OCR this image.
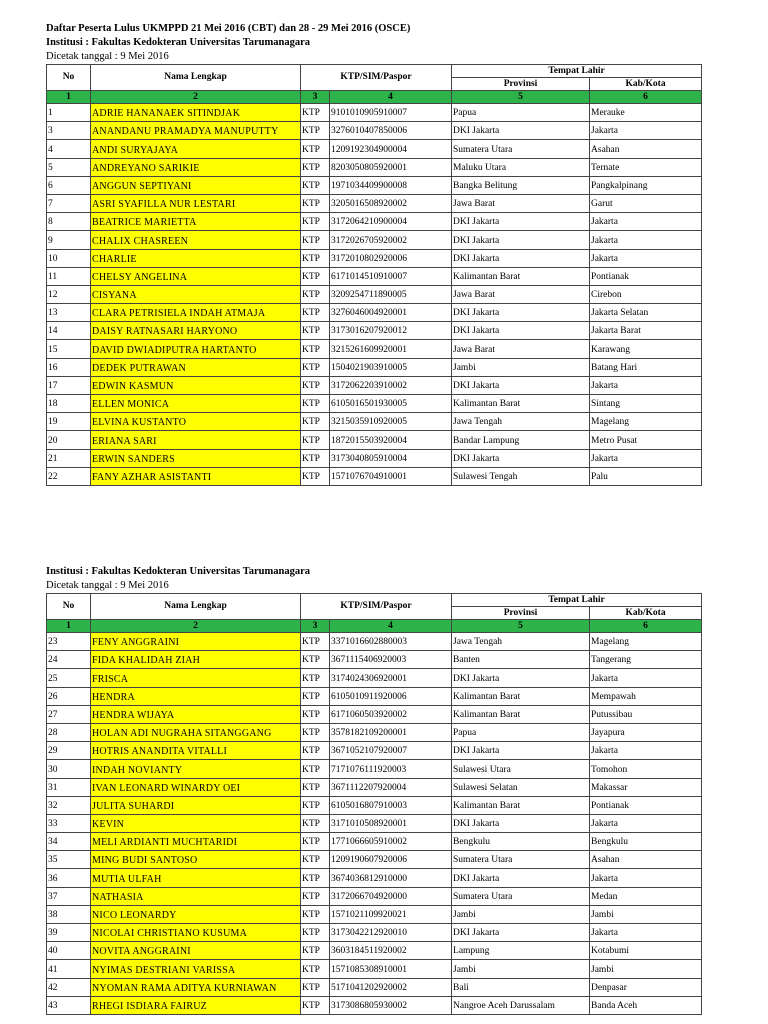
Daftar Peserta Lulus UKMPPD 21 Mei 2016 (CBT) dan 28 - 29 Mei 2016 (OSCE)
Institusi : Fakultas Kedokteran Universitas Tarumanagara
Dicetak tanggal : 9 Mei 2016
No	Nama Lengkap	KTP/SIM/Paspor		Tempat Lahir	
				Provinsi	Kab/Kota
1	2	3	4	5	6
1	ADRIE HANANAEK SITINDJAK	KTP	9101010905910007	Papua	Merauke
3	ANANDANU PRAMADYA MANUPUTTY	KTP	3276010407850006	DKI Jakarta	Jakarta
4	ANDI SURYAJAYA	KTP	1209192304900004	Sumatera Utara	Asahan
5	ANDREYANO SARIKIE	KTP	8203050805920001	Maluku Utara	Ternate
6	ANGGUN SEPTIYANI	KTP	1971034409900008	Bangka Belitung	Pangkalpinang
7	ASRI SYAFILLA NUR LESTARI	KTP	3205016508920002	Jawa Barat	Garut
8	BEATRICE MARIETTA	KTP	3172064210900004	DKI Jakarta	Jakarta
9	CHALIX CHASREEN	KTP	3172026705920002	DKI Jakarta	Jakarta
10	CHARLIE	KTP	3172010802920006	DKI Jakarta	Jakarta
11	CHELSY ANGELINA	KTP	6171014510910007	Kalimantan Barat	Pontianak
12	CISYANA	KTP	3209254711890005	Jawa Barat	Cirebon
13	CLARA PETRISIELA INDAH ATMAJA	KTP	3276046004920001	DKI Jakarta	Jakarta Selatan
14	DAISY RATNASARI HARYONO	KTP	3173016207920012	DKI Jakarta	Jakarta Barat
15	DAVID DWIADIPUTRA HARTANTO	KTP	3215261609920001	Jawa Barat	Karawang
16	DEDEK PUTRAWAN	KTP	1504021903910005	Jambi	Batang Hari
17	EDWIN KASMUN	KTP	3172062203910002	DKI Jakarta	Jakarta
18	ELLEN MONICA	KTP	6105016501930005	Kalimantan Barat	Sintang
19	ELVINA KUSTANTO	KTP	3215035910920005	Jawa Tengah	Magelang
20	ERIANA SARI	KTP	1872015503920004	Bandar Lampung	Metro Pusat
21	ERWIN SANDERS	KTP	3173040805910004	DKI Jakarta	Jakarta
22	FANY AZHAR ASISTANTI	KTP	1571076704910001	Sulawesi Tengah	Palu
Institusi : Fakultas Kedokteran Universitas Tarumanagara
Dicetak tanggal : 9 Mei 2016
No	Nama Lengkap	KTP/SIM/Paspor		Tempat Lahir	
				Provinsi	Kab/Kota
1	2	3	4	5	6
23	FENY ANGGRAINI	KTP	3371016602880003	Jawa Tengah	Magelang
24	FIDA KHALIDAH ZIAH	KTP	3671115406920003	Banten	Tangerang
25	FRISCA	KTP	3174024306920001	DKI Jakarta	Jakarta
26	HENDRA	KTP	6105010911920006	Kalimantan Barat	Mempawah
27	HENDRA WIJAYA	KTP	6171060503920002	Kalimantan Barat	Putussibau
28	HOLAN ADI NUGRAHA SITANGGANG	KTP	3578182109200001	Papua	Jayapura
29	HOTRIS ANANDITA VITALLI	KTP	3671052107920007	DKI Jakarta	Jakarta
30	INDAH NOVIANTY	KTP	7171076111920003	Sulawesi Utara	Tomohon
31	IVAN LEONARD WINARDY OEI	KTP	3671112207920004	Sulawesi Selatan	Makassar
32	JULITA SUHARDI	KTP	6105016807910003	Kalimantan Barat	Pontianak
33	KEVIN	KTP	3171010508920001	DKI Jakarta	Jakarta
34	MELI ARDIANTI MUCHTARIDI	KTP	1771066605910002	Bengkulu	Bengkulu
35	MING BUDI SANTOSO	KTP	1209190607920006	Sumatera Utara	Asahan
36	MUTIA ULFAH	KTP	3674036812910000	DKI Jakarta	Jakarta
37	NATHASIA	KTP	3172066704920000	Sumatera Utara	Medan
38	NICO LEONARDY	KTP	1571021109920021	Jambi	Jambi
39	NICOLAI CHRISTIANO KUSUMA	KTP	3173042212920010	DKI Jakarta	Jakarta
40	NOVITA ANGGRAINI	KTP	3603184511920002	Lampung	Kotabumi
41	NYIMAS DESTRIANI VARISSA	KTP	1571085308910001	Jambi	Jambi
42	NYOMAN RAMA ADITYA KURNIAWAN	KTP	5171041202920002	Bali	Denpasar
43	RHEGI ISDIARA FAIRUZ	KTP	3173086805930002	Nangroe Aceh Darussalam	Banda Aceh
